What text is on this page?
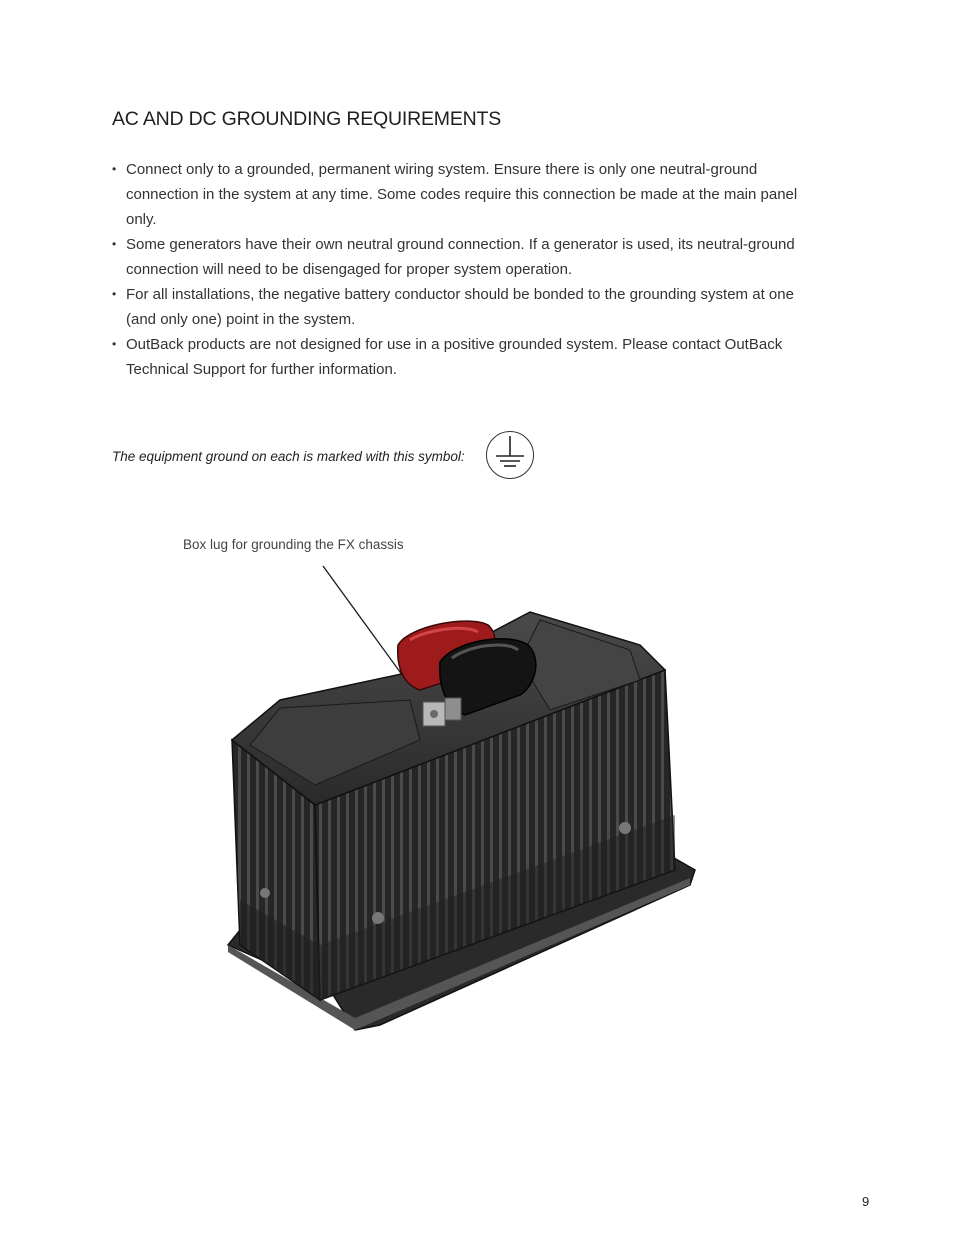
AC AND DC GROUNDING REQUIREMENTS
• Connect only to a grounded, permanent wiring system. Ensure there is only one neutral-ground connection in the system at any time. Some codes require this connection be made at the main panel only.
• Some generators have their own neutral ground connection. If a generator is used, its neutral-ground connection will need to be disengaged for proper system operation.
• For all installations, the negative battery conductor should be bonded to the grounding system at one (and only one) point in the system.
• OutBack products are not designed for use in a positive grounded system. Please contact OutBack Technical Support for further information.
The equipment ground on each is marked with this symbol:
Box lug for grounding the FX chassis
9
